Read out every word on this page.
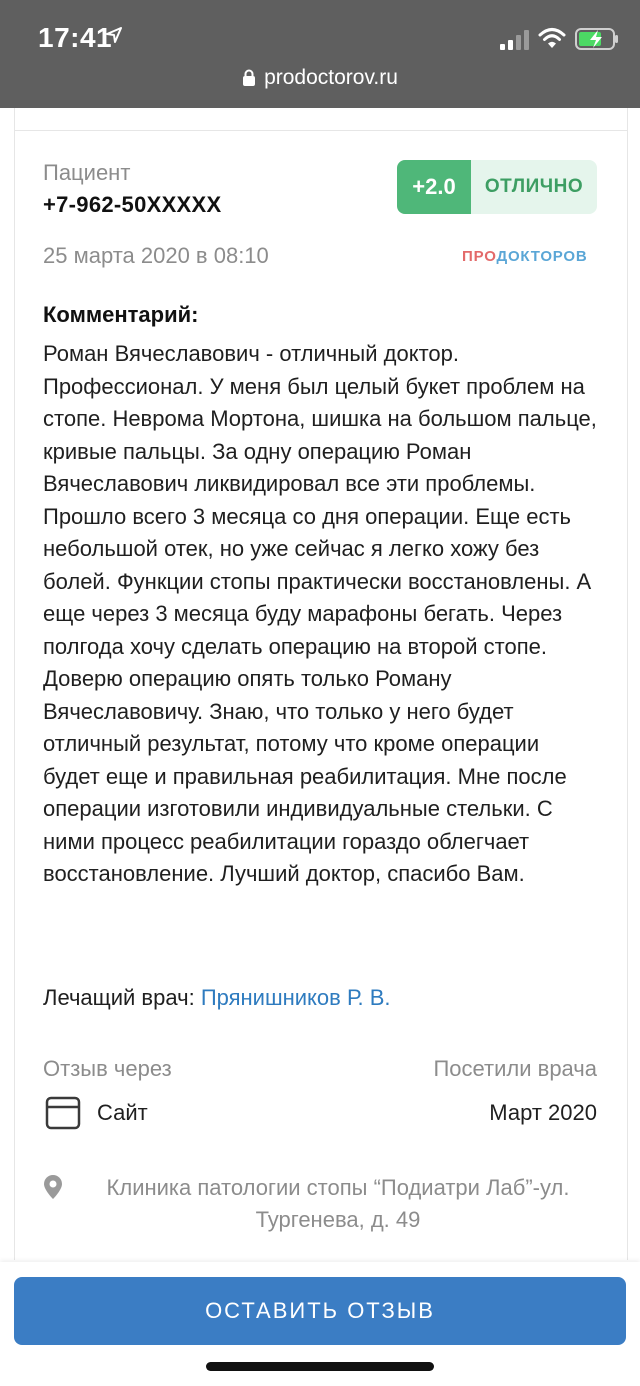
17:41
prodoctorov.ru
Пациент
+7-962-50XXXXX
+2.0	ОТЛИЧНО
25 марта 2020 в 08:10	ПРОДОКТОРОВ
Комментарий:
Роман Вячеславович - отличный доктор. Профессионал. У меня был целый букет проблем на стопе. Неврома Мортона, шишка на большом пальце, кривые пальцы. За одну операцию Роман Вячеславович ликвидировал все эти проблемы. Прошло всего 3 месяца со дня операции. Еще есть небольшой отек, но уже сейчас я легко хожу без болей. Функции стопы практически восстановлены. А еще через 3 месяца буду марафоны бегать. Через полгода хочу сделать операцию на второй стопе. Доверю операцию опять только Роману Вячеславовичу. Знаю, что только у него будет отличный результат, потому что кроме операции будет еще и правильная реабилитация. Мне после операции изготовили индивидуальные стельки. С ними процесс реабилитации гораздо облегчает восстановление. Лучший доктор, спасибо Вам.
Лечащий врач: Прянишников Р. В.
Отзыв через	Посетили врача
Сайт	Март 2020
Клиника патологии стопы “Подиатри Лаб”-ул. Тургенева, д. 49
ОСТАВИТЬ ОТЗЫВ
